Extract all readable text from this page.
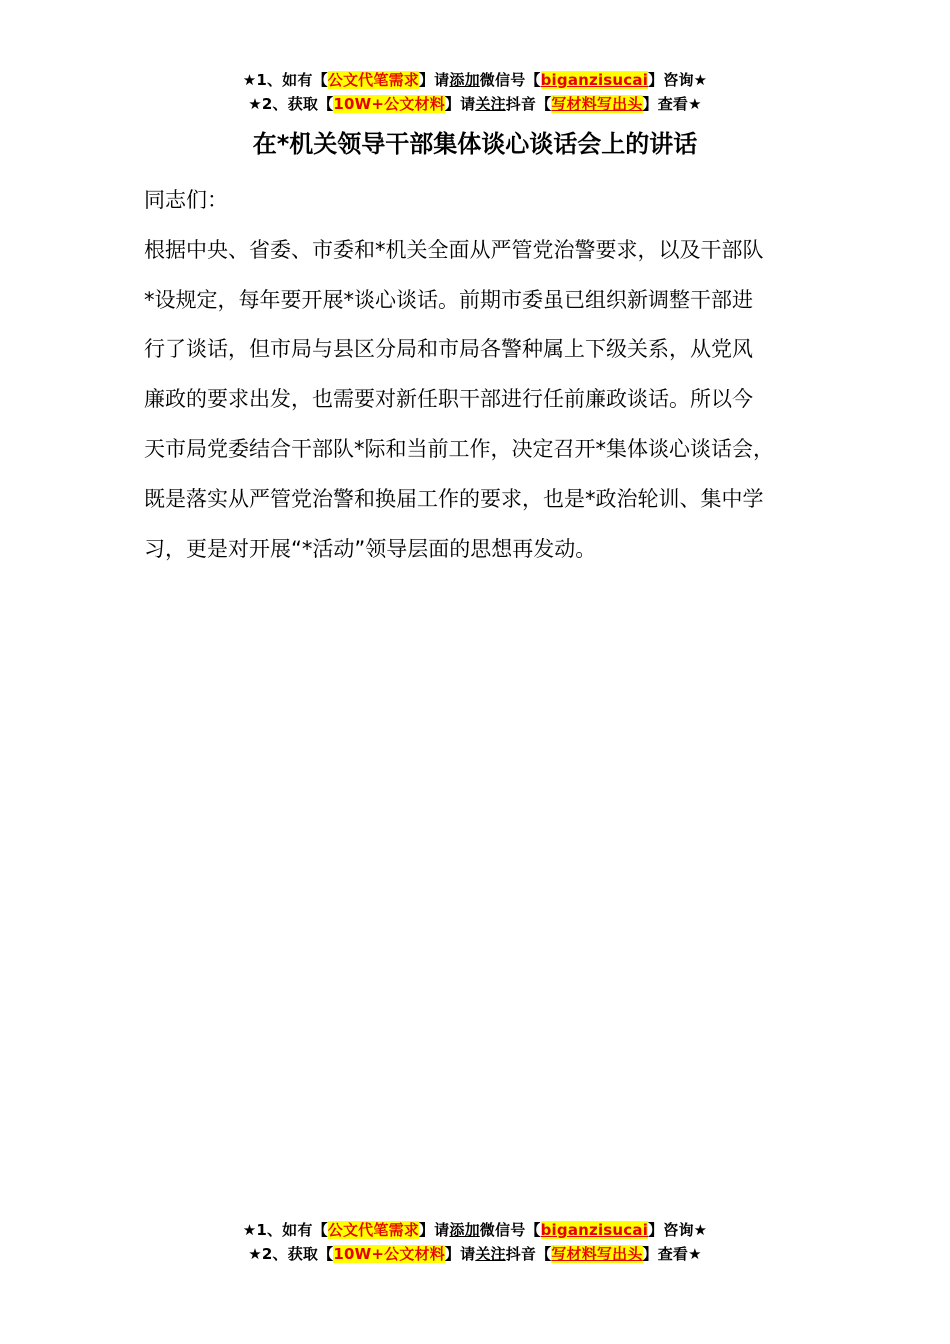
★1、如有【公文代笔需求】请添加微信号【biganzisucai】咨询★
★2、获取【10W+公文材料】请关注抖音【写材料写出头】查看★
在*机关领导干部集体谈心谈话会上的讲话

同志们：

根据中央、省委、市委和*机关全面从严管党治警要求，以及干部队

*设规定，每年要开展*谈心谈话。前期市委虽已组织新调整干部进

行了谈话，但市局与县区分局和市局各警种属上下级关系，从党风

廉政的要求出发，也需要对新任职干部进行任前廉政谈话。所以今

天市局党委结合干部队*际和当前工作，决定召开*集体谈心谈话会，

既是落实从严管党治警和换届工作的要求，也是*政治轮训、集中学

习，更是对开展“*活动”领导层面的思想再发动。

★1、如有【公文代笔需求】请添加微信号【biganzisucai】咨询★
★2、获取【10W+公文材料】请关注抖音【写材料写出头】查看★
